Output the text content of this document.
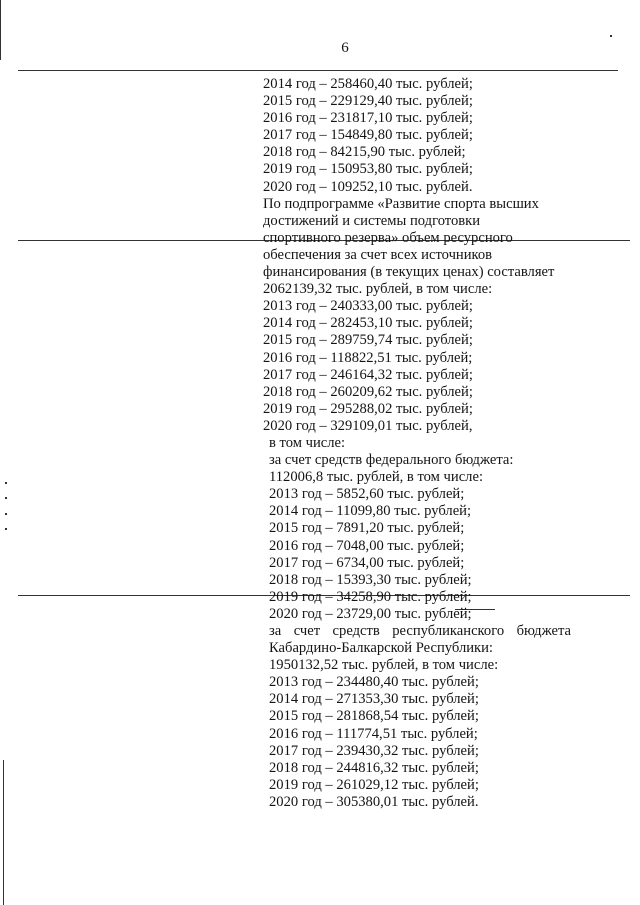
6
2014 год – 258460,40 тыс. рублей;
2015 год – 229129,40 тыс. рублей;
2016 год – 231817,10 тыс. рублей;
2017 год – 154849,80 тыс. рублей;
2018 год – 84215,90 тыс. рублей;
2019 год – 150953,80 тыс. рублей;
2020 год – 109252,10 тыс. рублей.
По подпрограмме «Развитие спорта высших
достижений и системы подготовки
спортивного резерва» объем ресурсного
обеспечения за счет всех источников
финансирования (в текущих ценах) составляет
2062139,32 тыс. рублей, в том числе:
2013 год – 240333,00 тыс. рублей;
2014 год – 282453,10 тыс. рублей;
2015 год – 289759,74 тыс. рублей;
2016 год – 118822,51 тыс. рублей;
2017 год – 246164,32 тыс. рублей;
2018 год – 260209,62 тыс. рублей;
2019 год – 295288,02 тыс. рублей;
2020 год – 329109,01 тыс. рублей,
в том числе:
за счет средств федерального бюджета:
112006,8 тыс. рублей, в том числе:
2013 год – 5852,60 тыс. рублей;
2014 год – 11099,80 тыс. рублей;
2015 год – 7891,20 тыс. рублей;
2016 год – 7048,00 тыс. рублей;
2017 год – 6734,00 тыс. рублей;
2018 год – 15393,30 тыс. рублей;
2019 год – 34258,90 тыс. рублей;
2020 год – 23729,00 тыс. рублей;
за счет средств республиканского бюджета
Кабардино-Балкарской Республики:
1950132,52 тыс. рублей, в том числе:
2013 год – 234480,40 тыс. рублей;
2014 год – 271353,30 тыс. рублей;
2015 год – 281868,54 тыс. рублей;
2016 год – 111774,51 тыс. рублей;
2017 год – 239430,32 тыс. рублей;
2018 год – 244816,32 тыс. рублей;
2019 год – 261029,12 тыс. рублей;
2020 год – 305380,01 тыс. рублей.
